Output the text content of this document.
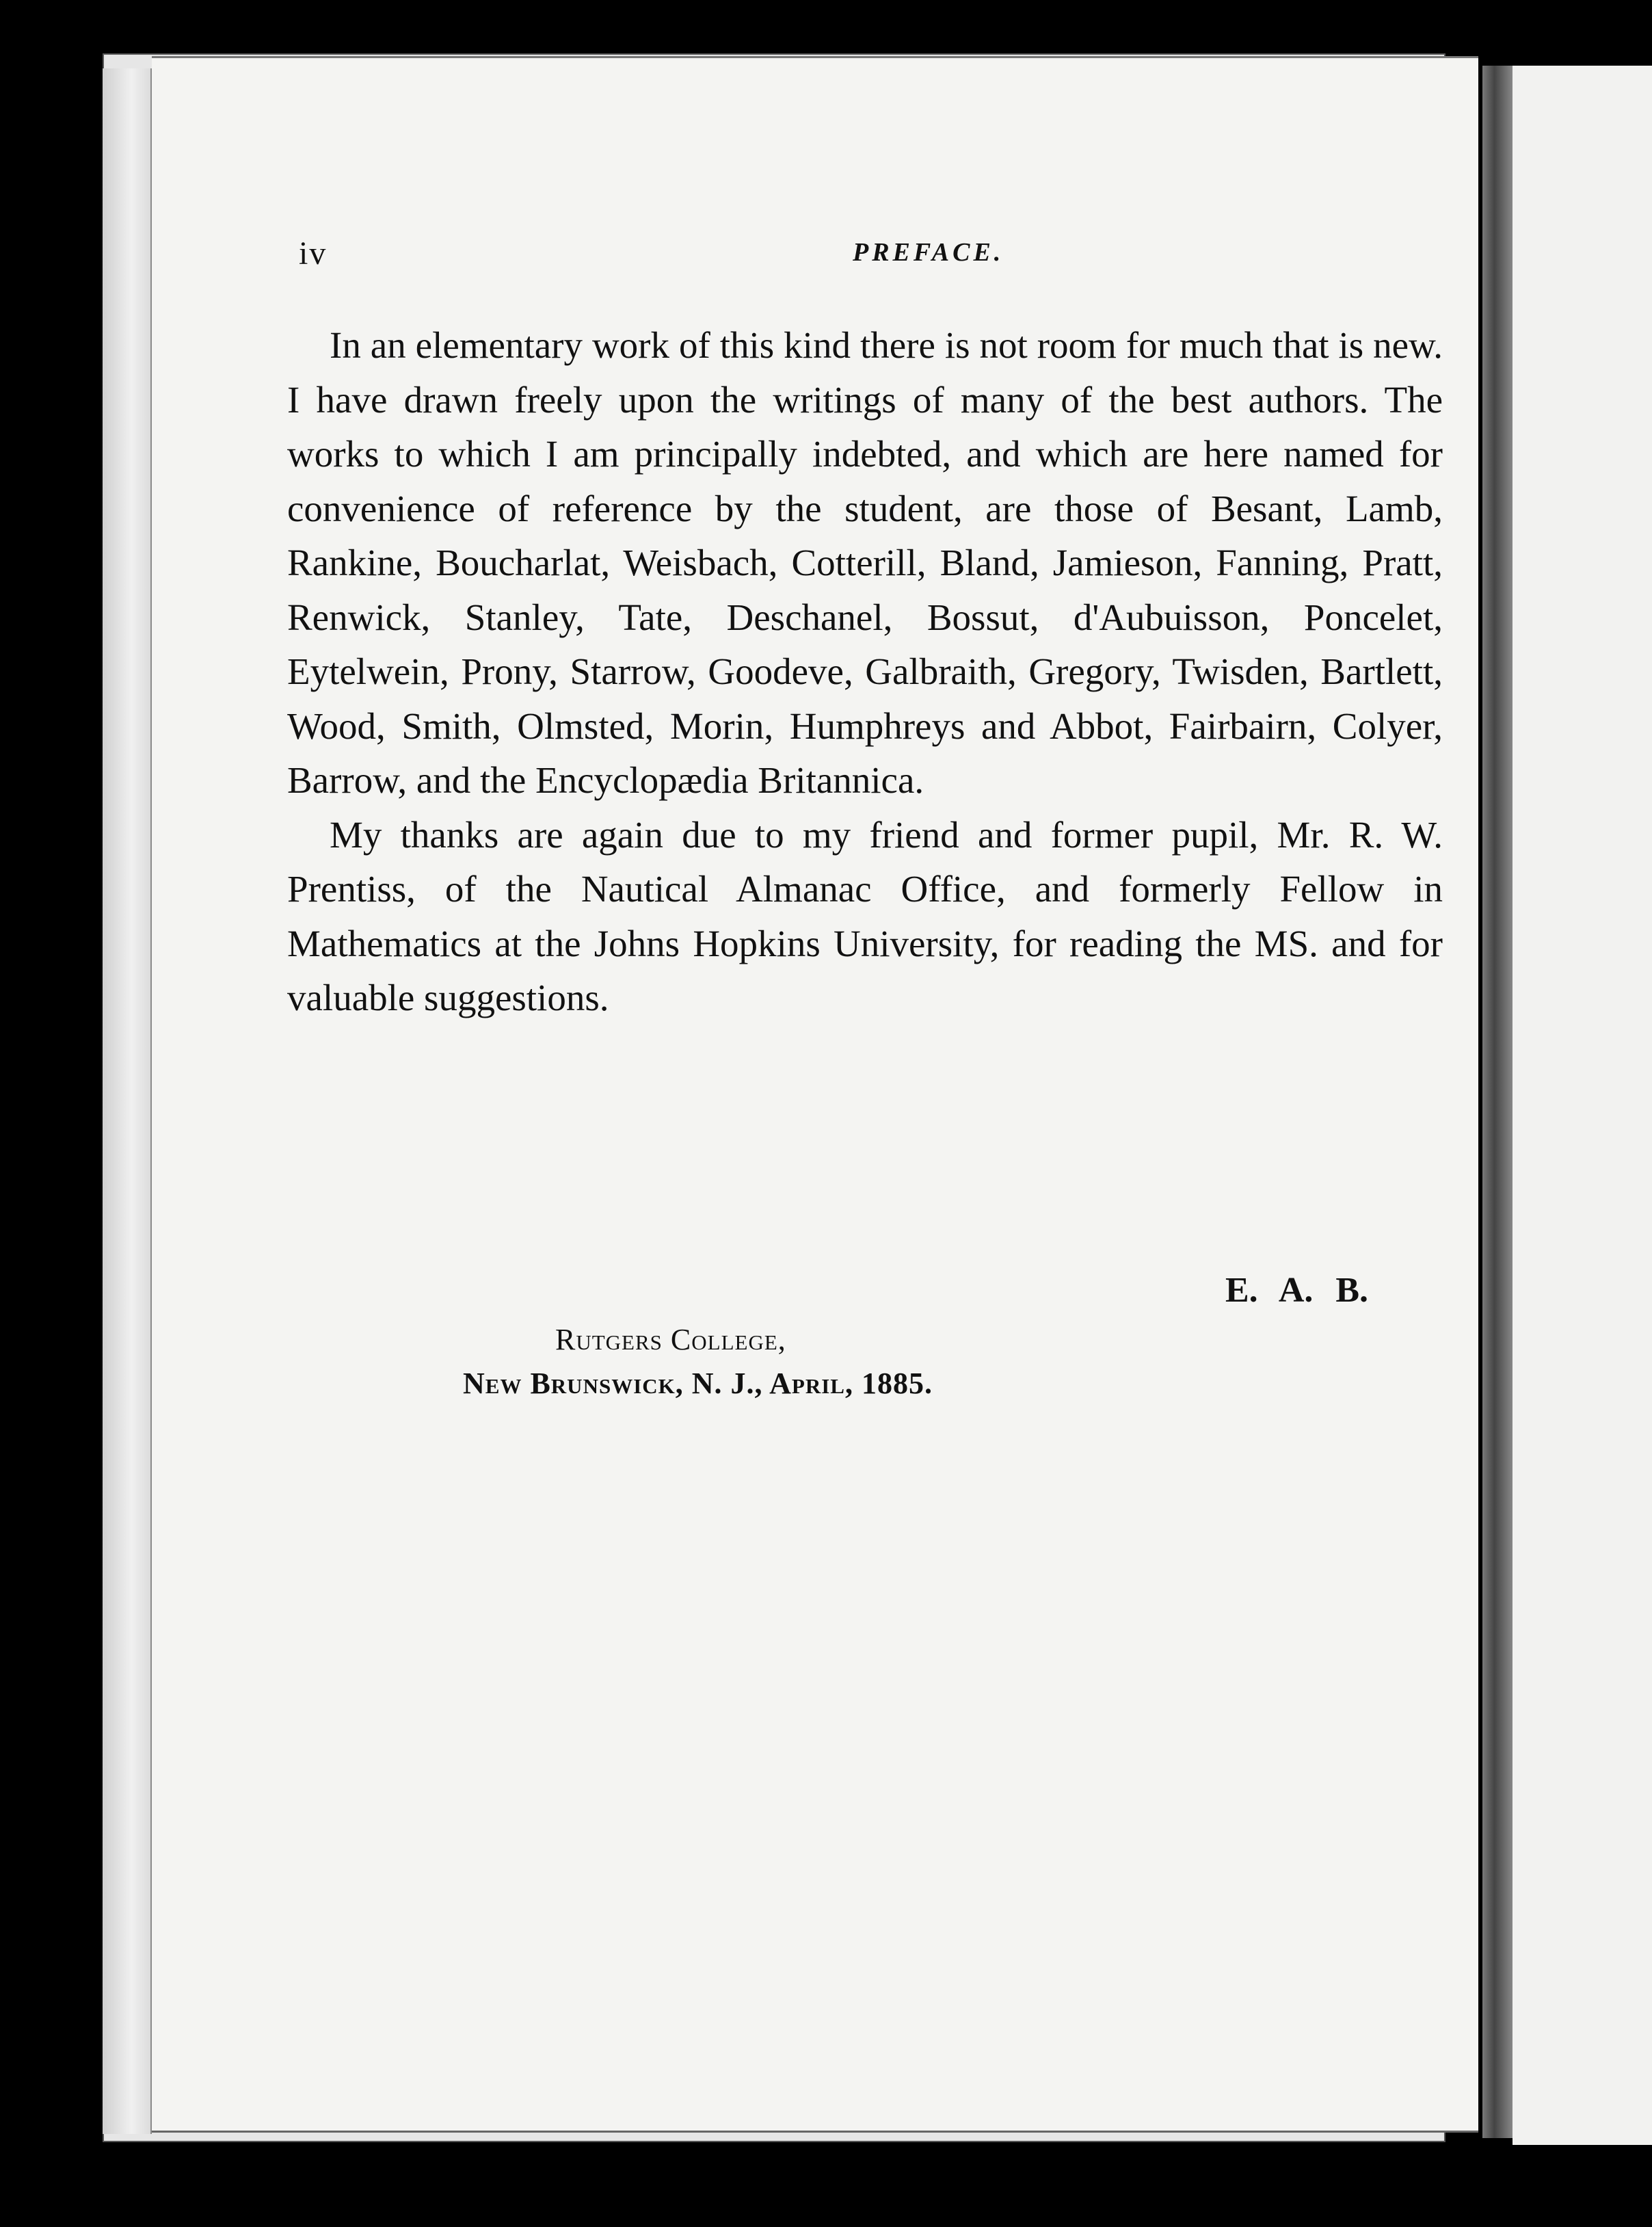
iv	PREFACE.

In an elementary work of this kind there is not room for much that is new. I have drawn freely upon the writings of many of the best authors. The works to which I am principally indebted, and which are here named for convenience of reference by the student, are those of Besant, Lamb, Rankine, Boucharlat, Weisbach, Cotterill, Bland, Jamieson, Fanning, Pratt, Renwick, Stanley, Tate, Deschanel, Bossut, d'Aubuisson, Poncelet, Eytelwein, Prony, Starrow, Goodeve, Galbraith, Gregory, Twisden, Bartlett, Wood, Smith, Olmsted, Morin, Humphreys and Abbot, Fairbairn, Colyer, Barrow, and the Encyclopædia Britannica.

My thanks are again due to my friend and former pupil, Mr. R. W. Prentiss, of the Nautical Almanac Office, and formerly Fellow in Mathematics at the Johns Hopkins University, for reading the MS. and for valuable suggestions.

E. A. B.
Rutgers College,
New Brunswick, N. J., April, 1885.
